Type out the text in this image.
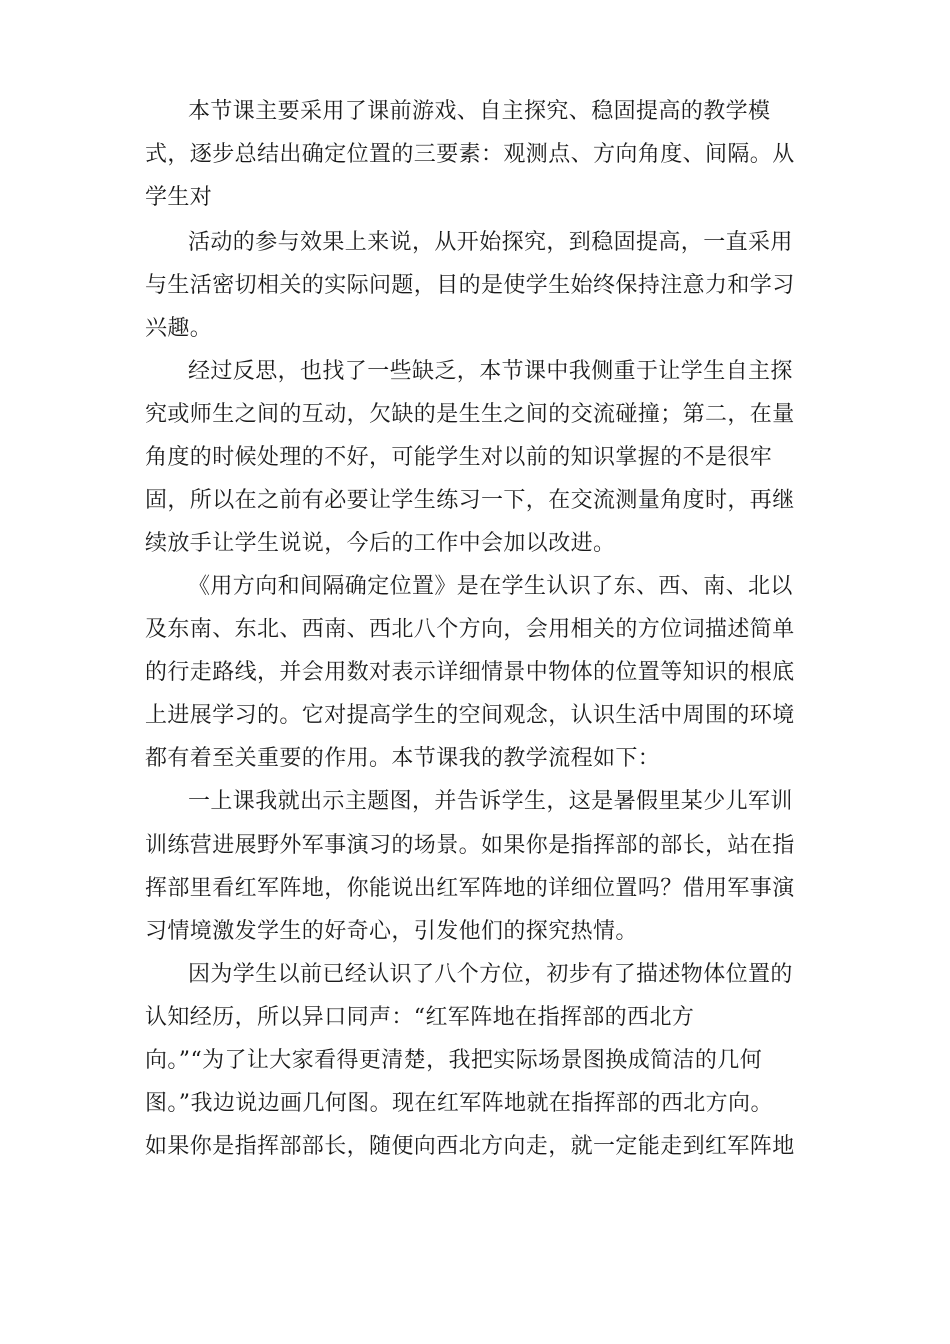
本节课主要采用了课前游戏、自主探究、稳固提高的教学模
式，逐步总结出确定位置的三要素：观测点、方向角度、间隔。从
学生对
活动的参与效果上来说，从开始探究，到稳固提高，一直采用
与生活密切相关的实际问题，目的是使学生始终保持注意力和学习
兴趣。
经过反思，也找了一些缺乏，本节课中我侧重于让学生自主探
究或师生之间的互动，欠缺的是生生之间的交流碰撞；第二，在量
角度的时候处理的不好，可能学生对以前的知识掌握的不是很牢
固，所以在之前有必要让学生练习一下，在交流测量角度时，再继
续放手让学生说说，今后的工作中会加以改进。
《用方向和间隔确定位置》是在学生认识了东、西、南、北以
及东南、东北、西南、西北八个方向，会用相关的方位词描述简单
的行走路线，并会用数对表示详细情景中物体的位置等知识的根底
上进展学习的。它对提高学生的空间观念，认识生活中周围的环境
都有着至关重要的作用。本节课我的教学流程如下：
一上课我就出示主题图，并告诉学生，这是暑假里某少儿军训
训练营进展野外军事演习的场景。如果你是指挥部的部长，站在指
挥部里看红军阵地，你能说出红军阵地的详细位置吗？借用军事演
习情境激发学生的好奇心，引发他们的探究热情。
因为学生以前已经认识了八个方位，初步有了描述物体位置的
认知经历，所以异口同声：“红军阵地在指挥部的西北方
向。”“为了让大家看得更清楚，我把实际场景图换成简洁的几何
图。”我边说边画几何图。现在红军阵地就在指挥部的西北方向。
如果你是指挥部部长，随便向西北方向走，就一定能走到红军阵地
